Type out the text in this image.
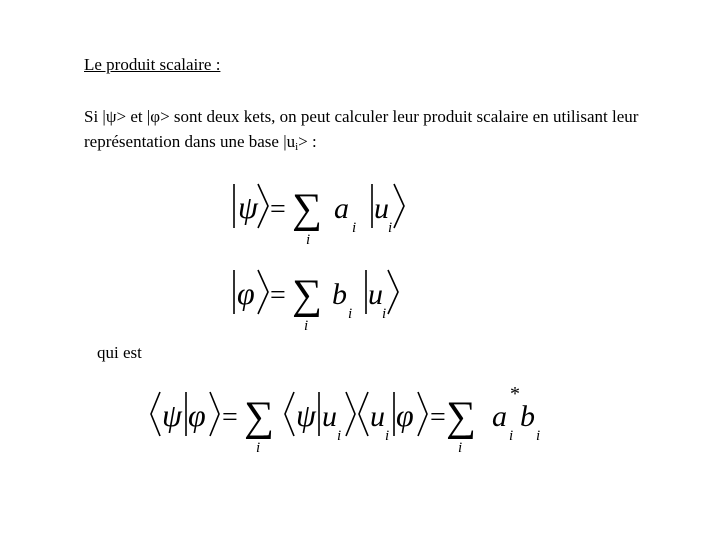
Le produit scalaire :
Si |ψ> et |φ> sont deux kets, on peut calculer leur produit scalaire en utilisant leur représentation dans une base $|u_i>$ :
ψ = ∑
i
a
i
u
i
φ = ∑
i
b
i
u
i
qui est
ψ φ = ∑
i
ψ u
i
u
i
φ = ∑
i
a
i
*
b
i
